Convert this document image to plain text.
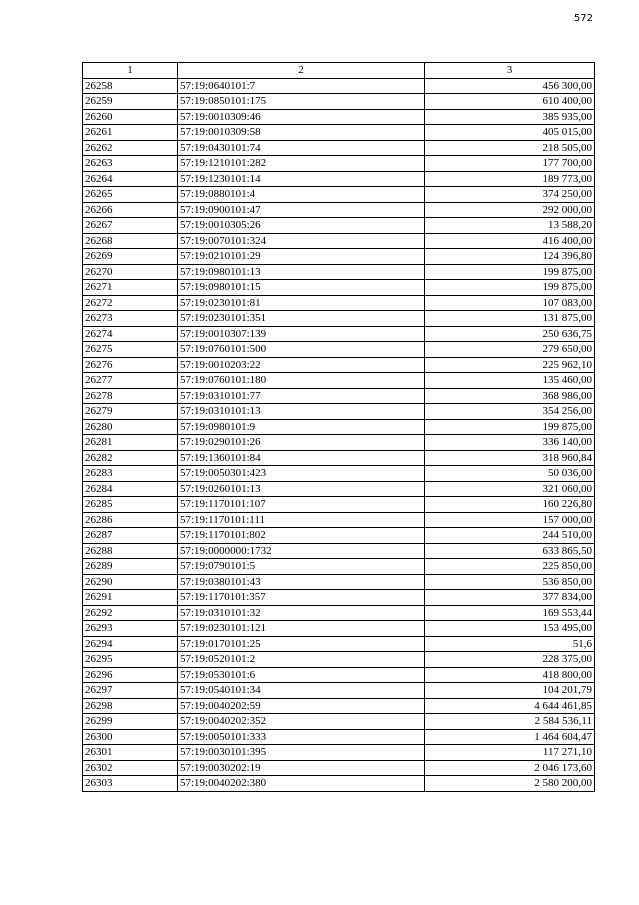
572
1	2	3
26258	57:19:0640101:7	456 300,00
26259	57:19:0850101:175	610 400,00
26260	57:19:0010309:46	385 935,00
26261	57:19:0010309:58	405 015,00
26262	57:19:0430101:74	218 505,00
26263	57:19:1210101:282	177 700,00
26264	57:19:1230101:14	189 773,00
26265	57:19:0880101:4	374 250,00
26266	57:19:0900101:47	292 000,00
26267	57:19:0010305:26	13 588,20
26268	57:19:0070101:324	416 400,00
26269	57:19:0210101:29	124 396,80
26270	57:19:0980101:13	199 875,00
26271	57:19:0980101:15	199 875,00
26272	57:19:0230101:81	107 083,00
26273	57:19:0230101:351	131 875,00
26274	57:19:0010307:139	250 636,75
26275	57:19:0760101:500	279 650,00
26276	57:19:0010203:22	225 962,10
26277	57:19:0760101:180	135 460,00
26278	57:19:0310101:77	368 986,00
26279	57:19:0310101:13	354 256,00
26280	57:19:0980101:9	199 875,00
26281	57:19:0290101:26	336 140,00
26282	57:19:1360101:84	318 960,84
26283	57:19:0050301:423	50 036,00
26284	57:19:0260101:13	321 060,00
26285	57:19:1170101:107	160 226,80
26286	57:19:1170101:111	157 000,00
26287	57:19:1170101:802	244 510,00
26288	57:19:0000000:1732	633 865,50
26289	57:19:0790101:5	225 850,00
26290	57:19:0380101:43	536 850,00
26291	57:19:1170101:357	377 834,00
26292	57:19:0310101:32	169 553,44
26293	57:19:0230101:121	153 495,00
26294	57:19:0170101:25	51,6
26295	57:19:0520101:2	228 375,00
26296	57:19:0530101:6	418 800,00
26297	57:19:0540101:34	104 201,79
26298	57:19:0040202:59	4 644 461,85
26299	57:19:0040202:352	2 584 536,11
26300	57:19:0050101:333	1 464 604,47
26301	57:19:0030101:395	117 271,10
26302	57:19:0030202:19	2 046 173,60
26303	57:19:0040202:380	2 580 200,00
